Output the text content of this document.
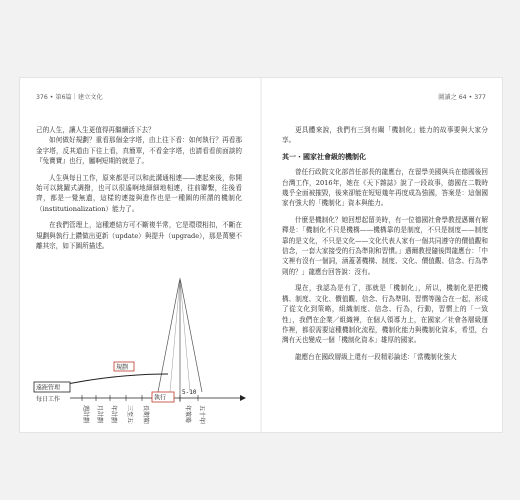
376 • 第6篇｜建立文化

己的人生，讓人生更值得再繼續活下去？

如何做好規劃？重看那個金字塔，由上往下看：如何執行？再看那金字塔，反其道由下往上看，真簡單，不看金字塔，也請看看前面談的『兔寶寶』也行，屬啊短期的就是了。

人生與每日工作，原來都是可以和此溝通相連——連起來後，你開始可以跳躍式調撥，也可以很遙啊地細細地相連，往前聯繫，往後看齊，都是一覺無遺，這樣的連接與進作也是一種圖的所謂的機制化（institutionalization）能力了。

在我們管理上，這種連結方可不斷複半常，它是環環相扣，不斷在規劃與執行上鑽做出更新（update）與提升（upgrade），那是萬變不離其宗，如下圖所描述。

規劃
遠距管理
每日工作	執行
週計劃 月計劃 年計劃 三至五年策略 長期策略
5-10
年策略 五十年戰略
圖讀之 64 • 377

更具體來說，我們有三到有關「機制化」能力的故事要與大家分享。

其一・國家社會級的機制化

曾任行政院文化部首任部長的龍應台，在留學美國與兵在德國後回台灣工作，2016年，她在《天下雜誌》說了一段故事，德國在二戰時幾乎全面被摧毀，後來卻能在短短幾年再度成為強國，答案是：這個國家有強大的「機制化」資本與能力。

什麼是機制化？她回想起留美時，有一位德國社會學教授邁爾有解釋是：「機制化不只是機構——機構靠的是制度，不只是制度——制度靠的是文化，不只是文化——文化代表人家有一個共同遵守的價值觀和信念，一套大家接受的行為準則和習慣。」邁爾教授隨後問龍應台：「中文裡有沒有一個詞，涵蓋著機構、制度、文化、價值觀、信念、行為準則的？」龍應台回答說：沒有。

現在，我認為是有了，那就是「機制化」，所以，機制化是把機構、制度、文化、價值觀、信念、行為準則、習慣等融合在一起，形成了從文化到策略，組織制度、信念、行為，行動，習慣上的「一致性」，我們在企業／組織裡，在個人領導力上，在國家／社會各層級運作裡，都很需要這種機制化流程，機制化能力與機制化資本，希望，台灣有天也變成一個「機制化資本」雄厚的國家。

龍應台在國政層級上還有一段精彩論述：「當機制化強大
